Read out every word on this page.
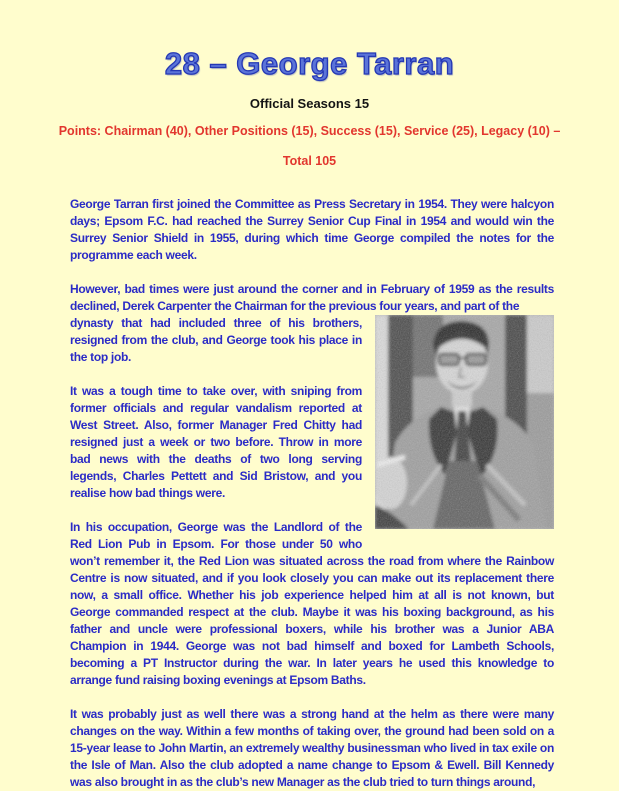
28 – George Tarran
Official Seasons 15
Points: Chairman (40), Other Positions (15), Success (15), Service (25), Legacy (10) –
Total 105

George Tarran first joined the Committee as Press Secretary in 1954. They were halcyon days; Epsom F.C. had reached the Surrey Senior Cup Final in 1954 and would win the Surrey Senior Shield in 1955, during which time George compiled the notes for the programme each week.

However, bad times were just around the corner and in February of 1959 as the results declined, Derek Carpenter the Chairman for the previous four years, and part of the

dynasty that had included three of his brothers, resigned from the club, and George took his place in the top job.

It was a tough time to take over, with sniping from former officials and regular vandalism reported at West Street. Also, former Manager Fred Chitty had resigned just a week or two before. Throw in more bad news with the deaths of two long serving legends, Charles Pettett and Sid Bristow, and you realise how bad things were.

In his occupation, George was the Landlord of the Red Lion Pub in Epsom. For those under 50 who won’t remember it, the Red Lion was situated across the road from where the Rainbow Centre is now situated, and if you look closely you can make out its replacement there now, a small office. Whether his job experience helped him at all is not known, but George commanded respect at the club. Maybe it was his boxing background, as his father and uncle were professional boxers, while his brother was a Junior ABA Champion in 1944. George was not bad himself and boxed for Lambeth Schools, becoming a PT Instructor during the war. In later years he used this knowledge to arrange fund raising boxing evenings at Epsom Baths.

It was probably just as well there was a strong hand at the helm as there were many changes on the way. Within a few months of taking over, the ground had been sold on a 15-year lease to John Martin, an extremely wealthy businessman who lived in tax exile on the Isle of Man. Also the club adopted a name change to Epsom & Ewell. Bill Kennedy was also brought in as the club’s new Manager as the club tried to turn things around,
